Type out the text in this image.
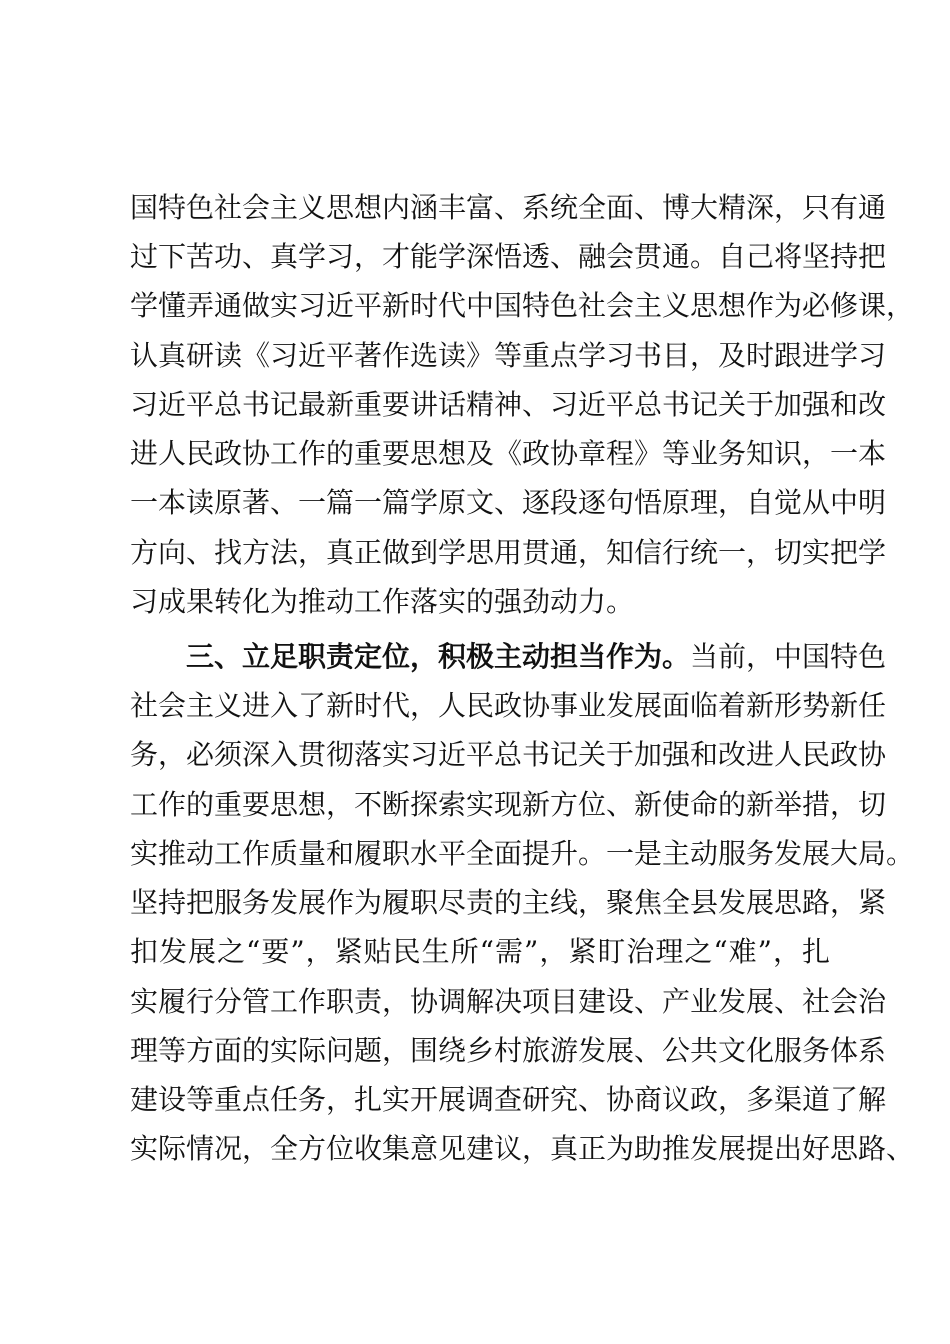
国特色社会主义思想内涵丰富、系统全面、博大精深，只有通
过下苦功、真学习，才能学深悟透、融会贯通。自己将坚持把
学懂弄通做实习近平新时代中国特色社会主义思想作为必修课，
认真研读《习近平著作选读》等重点学习书目，及时跟进学习
习近平总书记最新重要讲话精神、习近平总书记关于加强和改
进人民政协工作的重要思想及《政协章程》等业务知识，一本
一本读原著、一篇一篇学原文、逐段逐句悟原理，自觉从中明
方向、找方法，真正做到学思用贯通，知信行统一，切实把学
习成果转化为推动工作落实的强劲动力。
三、立足职责定位，积极主动担当作为。当前，中国特色
社会主义进入了新时代，人民政协事业发展面临着新形势新任
务，必须深入贯彻落实习近平总书记关于加强和改进人民政协
工作的重要思想，不断探索实现新方位、新使命的新举措，切
实推动工作质量和履职水平全面提升。一是主动服务发展大局。
坚持把服务发展作为履职尽责的主线，聚焦全县发展思路，紧
扣发展之“要”，紧贴民生所“需”，紧盯治理之“难”，扎
实履行分管工作职责，协调解决项目建设、产业发展、社会治
理等方面的实际问题，围绕乡村旅游发展、公共文化服务体系
建设等重点任务，扎实开展调查研究、协商议政，多渠道了解
实际情况，全方位收集意见建议，真正为助推发展提出好思路、
